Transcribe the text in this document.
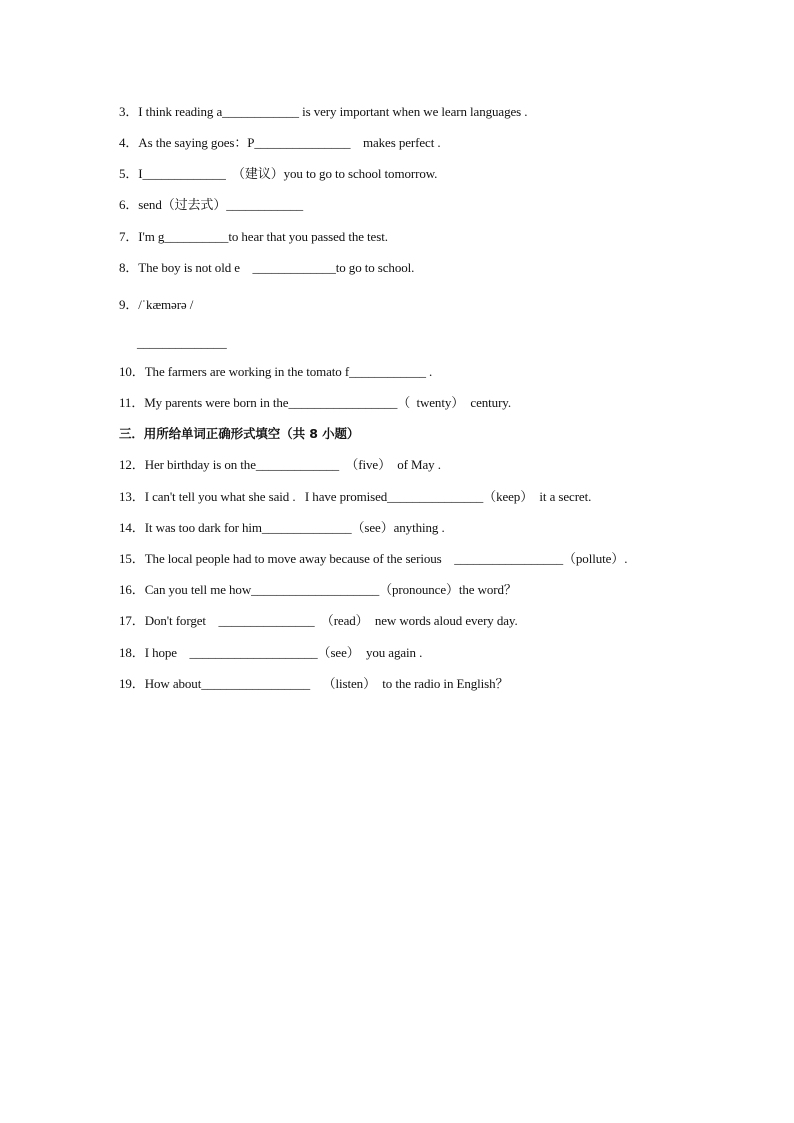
3．I think reading a____________ is very important when we learn languages .
4．As the saying goes：P_______________    makes perfect .
5．I_____________  （建议）you to go to school tomorrow.
6．send（过去式）____________
7．I'm g__________to hear that you passed the test.
8．The boy is not old e    _____________to go to school.
9．/ˈkæmərə /
______________
10．The farmers are working in the tomato f____________ .
11．My parents were born in the_________________（  twenty）  century.
三．用所给单词正确形式填空（共 8 小题）
12．Her birthday is on the_____________  （five）  of May .
13．I can't tell you what she said .   I have promised_______________（keep）  it a secret.
14．It was too dark for him______________（see）anything .
15．The local people had to move away because of the serious    _________________（pollute）.
16．Can you tell me how____________________（pronounce）the word？
17．Don't forget    _______________  （read）  new words aloud every day.
18．I hope    ____________________（see）  you again .
19．How about_________________    （listen）  to the radio in English？
